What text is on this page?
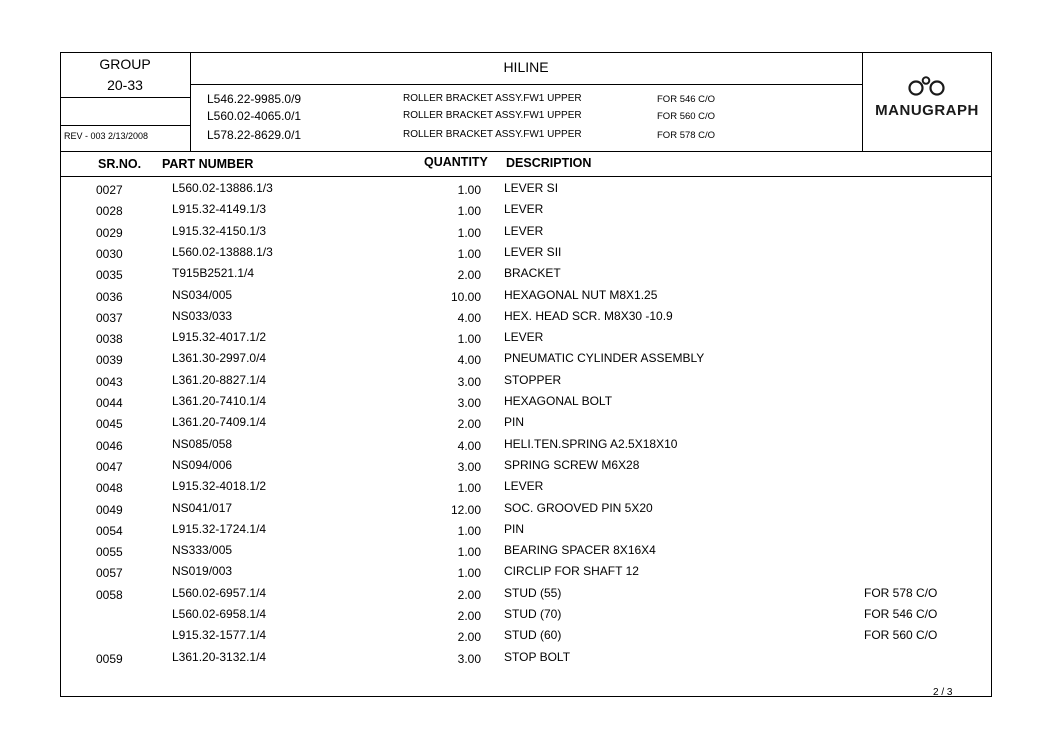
GROUP
20-33
REV - 003 2/13/2008
HILINE
L546.22-9985.0/9	ROLLER BRACKET ASSY.FW1 UPPER	FOR 546 C/O
L560.02-4065.0/1	ROLLER BRACKET ASSY.FW1 UPPER	FOR 560 C/O
L578.22-8629.0/1	ROLLER BRACKET ASSY.FW1 UPPER	FOR 578 C/O
MANUGRAPH
SR.NO. PART NUMBER	QUANTITY DESCRIPTION
0027	L560.02-13886.1/3	1.00 LEVER SI
0028	L915.32-4149.1/3	1.00 LEVER
0029	L915.32-4150.1/3	1.00 LEVER
0030	L560.02-13888.1/3	1.00 LEVER SII
0035	T915B2521.1/4	2.00 BRACKET
0036	NS034/005	10.00 HEXAGONAL NUT M8X1.25
0037	NS033/033	4.00 HEX. HEAD SCR. M8X30 -10.9
0038	L915.32-4017.1/2	1.00 LEVER
0039	L361.30-2997.0/4	4.00 PNEUMATIC CYLINDER ASSEMBLY
0043	L361.20-8827.1/4	3.00 STOPPER
0044	L361.20-7410.1/4	3.00 HEXAGONAL BOLT
0045	L361.20-7409.1/4	2.00 PIN
0046	NS085/058	4.00 HELI.TEN.SPRING A2.5X18X10
0047	NS094/006	3.00 SPRING SCREW M6X28
0048	L915.32-4018.1/2	1.00 LEVER
0049	NS041/017	12.00 SOC. GROOVED PIN 5X20
0054	L915.32-1724.1/4	1.00 PIN
0055	NS333/005	1.00 BEARING SPACER 8X16X4
0057	NS019/003	1.00 CIRCLIP FOR SHAFT 12
0058	L560.02-6957.1/4	2.00 STUD (55)	FOR 578 C/O
L560.02-6958.1/4	2.00 STUD (70)	FOR 546 C/O
L915.32-1577.1/4	2.00 STUD (60)	FOR 560 C/O
0059	L361.20-3132.1/4	3.00 STOP BOLT
2 / 3
